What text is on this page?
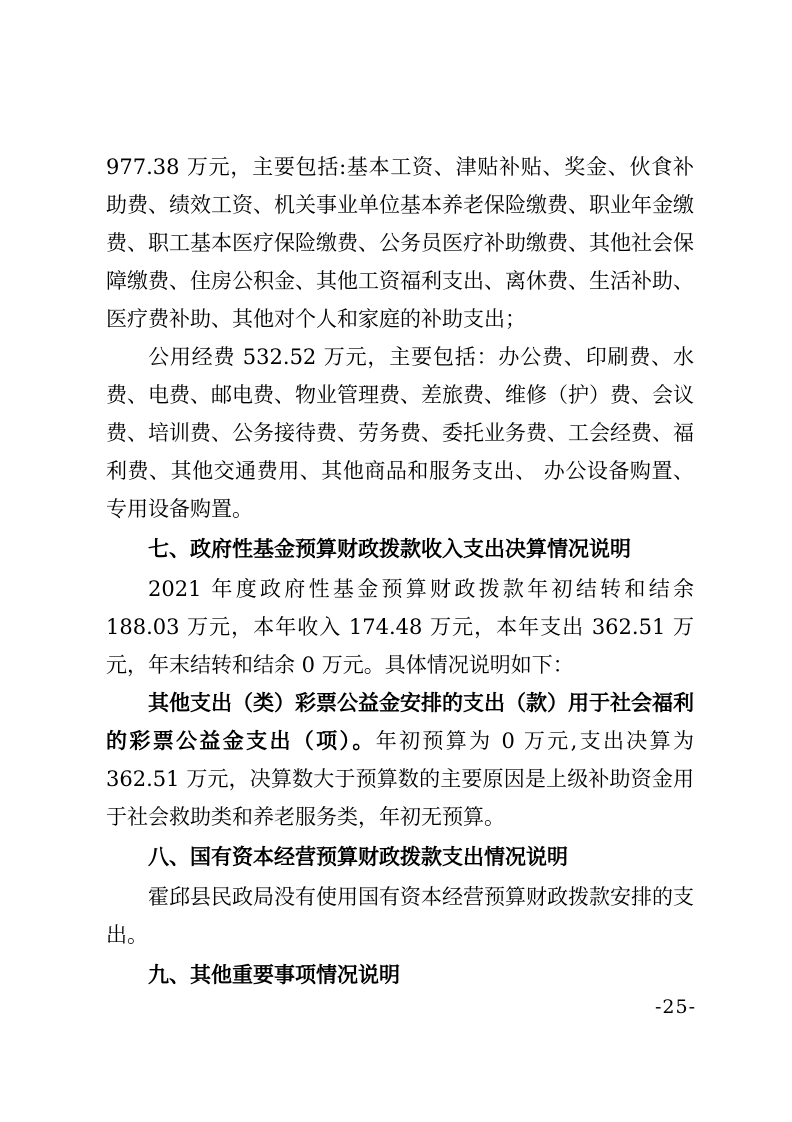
977.38 万元，主要包括:基本工资、津贴补贴、奖金、伙食补助费、绩效工资、机关事业单位基本养老保险缴费、职业年金缴费、职工基本医疗保险缴费、公务员医疗补助缴费、其他社会保障缴费、住房公积金、其他工资福利支出、离休费、生活补助、医疗费补助、其他对个人和家庭的补助支出；

公用经费 532.52 万元，主要包括：办公费、印刷费、水费、电费、邮电费、物业管理费、差旅费、维修（护）费、会议费、培训费、公务接待费、劳务费、委托业务费、工会经费、福利费、其他交通费用、其他商品和服务支出、 办公设备购置、专用设备购置。

七、政府性基金预算财政拨款收入支出决算情况说明

2021 年度政府性基金预算财政拨款年初结转和结余 188.03 万元，本年收入 174.48 万元，本年支出 362.51 万元，年末结转和结余 0 万元。具体情况说明如下：

其他支出（类）彩票公益金安排的支出（款）用于社会福利的彩票公益金支出（项）。年初预算为 0 万元,支出决算为 362.51 万元，决算数大于预算数的主要原因是上级补助资金用于社会救助类和养老服务类，年初无预算。

八、国有资本经营预算财政拨款支出情况说明

霍邱县民政局没有使用国有资本经营预算财政拨款安排的支出。

九、其他重要事项情况说明

-25-
